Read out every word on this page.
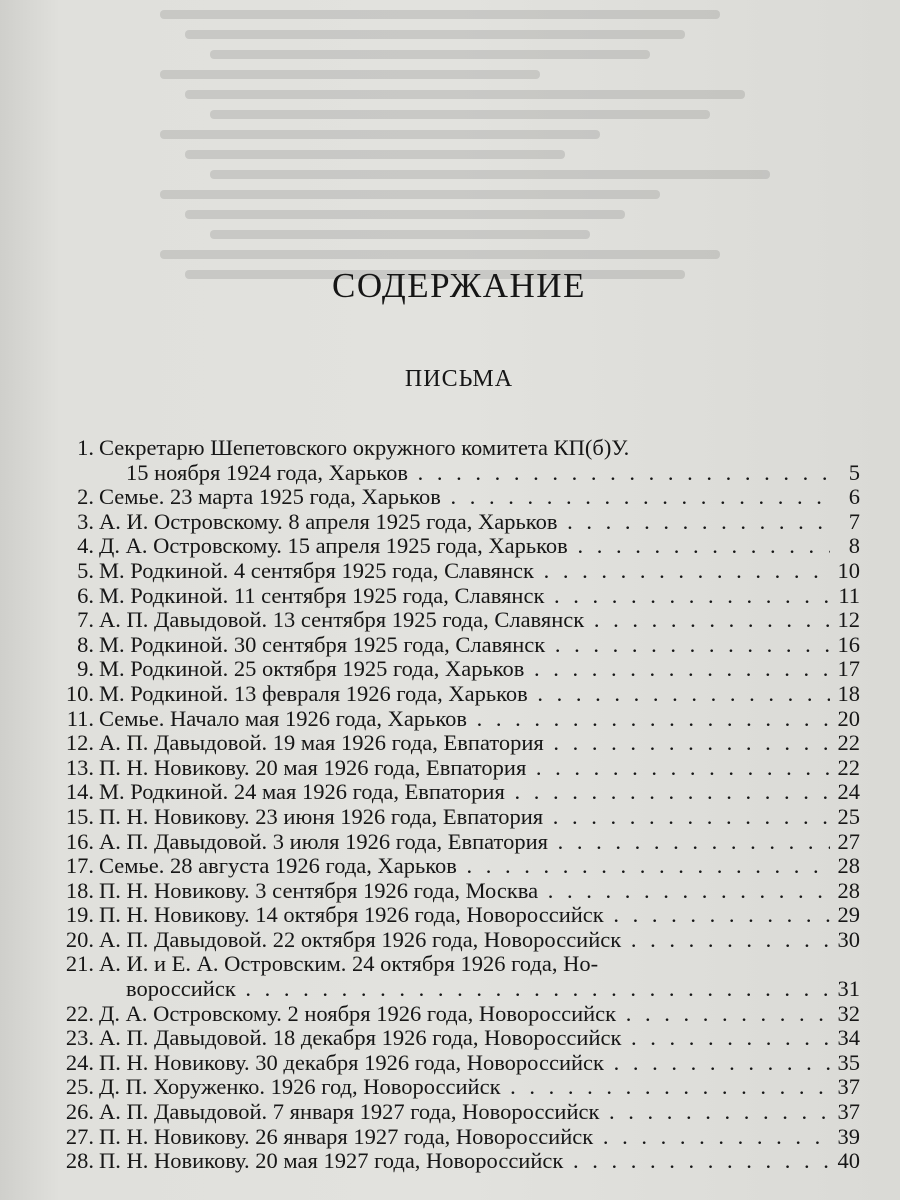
СОДЕРЖАНИЕ
ПИСЬМА
1. Секретарю Шепетовского окружного комитета КП(б)У.
15 ноября 1924 года, Харьков . . .	5
2. Семье. 23 марта 1925 года, Харьков . . .	6
3. А. И. Островскому. 8 апреля 1925 года, Харьков . . .	7
4. Д. А. Островскому. 15 апреля 1925 года, Харьков . . .	8
5. М. Родкиной. 4 сентября 1925 года, Славянск . . .	10
6. М. Родкиной. 11 сентября 1925 года, Славянск . . .	11
7. А. П. Давыдовой. 13 сентября 1925 года, Славянск . . .	12
8. М. Родкиной. 30 сентября 1925 года, Славянск . . .	16
9. М. Родкиной. 25 октября 1925 года, Харьков . . .	17
10. М. Родкиной. 13 февраля 1926 года, Харьков . . .	18
11. Семье. Начало мая 1926 года, Харьков . . .	20
12. А. П. Давыдовой. 19 мая 1926 года, Евпатория . . .	22
13. П. Н. Новикову. 20 мая 1926 года, Евпатория . . .	22
14. М. Родкиной. 24 мая 1926 года, Евпатория . . .	24
15. П. Н. Новикову. 23 июня 1926 года, Евпатория . . .	25
16. А. П. Давыдовой. 3 июля 1926 года, Евпатория . . .	27
17. Семье. 28 августа 1926 года, Харьков . . .	28
18. П. Н. Новикову. 3 сентября 1926 года, Москва . . .	28
19. П. Н. Новикову. 14 октября 1926 года, Новороссийск . . .	29
20. А. П. Давыдовой. 22 октября 1926 года, Новороссийск . . .	30
21. А. И. и Е. А. Островским. 24 октября 1926 года, Но-
вороссийск . . .	31
22. Д. А. Островскому. 2 ноября 1926 года, Новороссийск . . .	32
23. А. П. Давыдовой. 18 декабря 1926 года, Новороссийск . . .	34
24. П. Н. Новикову. 30 декабря 1926 года, Новороссийск . . .	35
25. Д. П. Хоруженко. 1926 год, Новороссийск . . .	37
26. А. П. Давыдовой. 7 января 1927 года, Новороссийск . . .	37
27. П. Н. Новикову. 26 января 1927 года, Новороссийск . . .	39
28. П. Н. Новикову. 20 мая 1927 года, Новороссийск . . .	40
